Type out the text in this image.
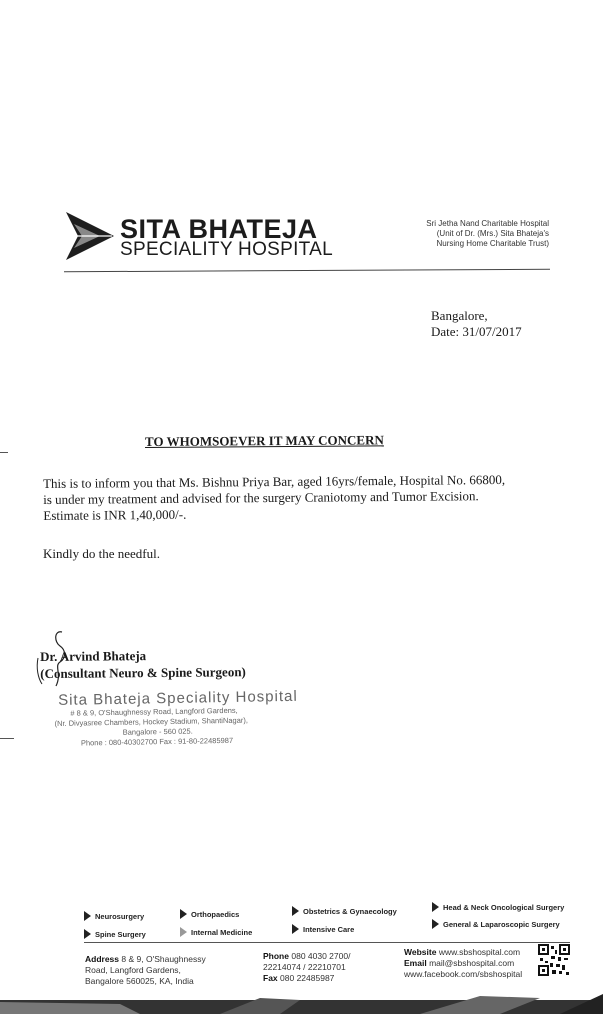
SITA BHATEJA
SPECIALITY HOSPITAL
Sri Jetha Nand Charitable Hospital
(Unit of Dr. (Mrs.) Sita Bhateja's
Nursing Home Charitable Trust)
Bangalore,
Date: 31/07/2017
TO WHOMSOEVER IT MAY CONCERN

This is to inform you that Ms. Bishnu Priya Bar, aged 16yrs/female, Hospital No. 66800,

is under my treatment and advised for the surgery Craniotomy and Tumor Excision.

Estimate is INR 1,40,000/-.

Kindly do the needful.
Dr. Arvind Bhateja
(Consultant Neuro & Spine Surgeon)
Sita Bhateja Speciality Hospital
# 8 & 9, O'Shaughnessy Road, Langford Gardens,
(Nr. Divyasree Chambers, Hockey Stadium, ShantiNagar),
Bangalore - 560 025.
Phone : 080-40302700 Fax : 91-80-22485987
Neurosurgery
Spine Surgery
Orthopaedics
Internal Medicine
Obstetrics & Gynaecology
Intensive Care
Head & Neck Oncological Surgery
General & Laparoscopic Surgery
Address 8 & 9, O'Shaughnessy
Road, Langford Gardens,
Bangalore 560025, KA, India
Phone 080 4030 2700/
22214074 / 22210701
Fax 080 22485987
Website www.sbshospital.com
Email mail@sbshospital.com
www.facebook.com/sbshospital
